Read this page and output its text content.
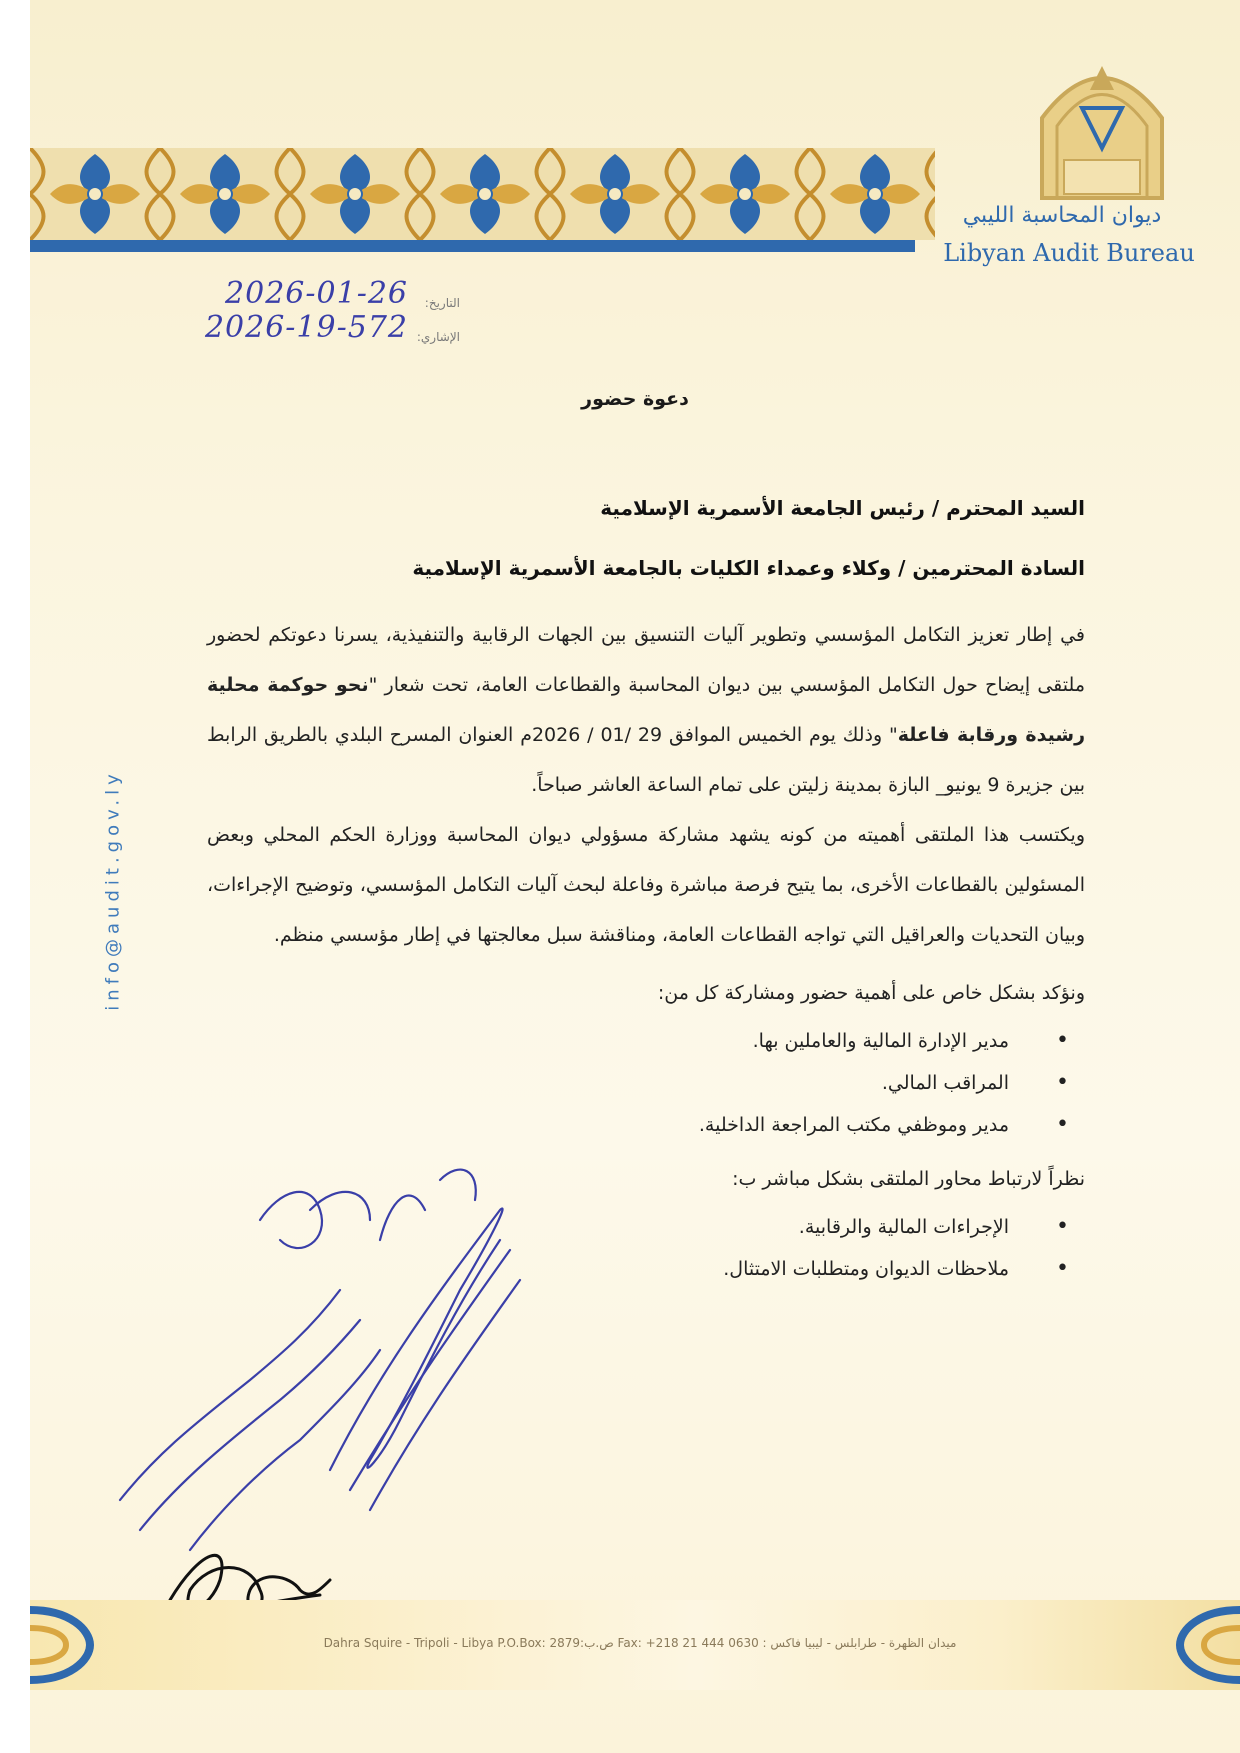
ديوان المحاسبة الليبي
Libyan Audit Bureau
التاريخ:
2026-01-26
الإشاري:
2026-19-572
دعوة حضور
السيد المحترم / رئيس الجامعة الأسمرية الإسلامية
السادة المحترمين / وكلاء وعمداء الكليات بالجامعة الأسمرية الإسلامية

في إطار تعزيز التكامل المؤسسي وتطوير آليات التنسيق بين الجهات الرقابية والتنفيذية، يسرنا دعوتكم لحضور ملتقى إيضاح حول التكامل المؤسسي بين ديوان المحاسبة والقطاعات العامة، تحت شعار "نحو حوكمة محلية رشيدة ورقابة فاعلة" وذلك يوم الخميس الموافق 29 /01 / 2026م العنوان المسرح البلدي بالطريق الرابط بين جزيرة 9 يونيو_ البازة بمدينة زليتن على تمام الساعة العاشر صباحاً.

ويكتسب هذا الملتقى أهميته من كونه يشهد مشاركة مسؤولي ديوان المحاسبة ووزارة الحكم المحلي وبعض المسئولين بالقطاعات الأخرى، بما يتيح فرصة مباشرة وفاعلة لبحث آليات التكامل المؤسسي، وتوضيح الإجراءات، وبيان التحديات والعراقيل التي تواجه القطاعات العامة، ومناقشة سبل معالجتها في إطار مؤسسي منظم.

ونؤكد بشكل خاص على أهمية حضور ومشاركة كل من:
• مدير الإدارة المالية والعاملين بها.
• المراقب المالي.
• مدير وموظفي مكتب المراجعة الداخلية.
نظراً لارتباط محاور الملتقى بشكل مباشر ب:
• الإجراءات المالية والرقابية.
• ملاحظات الديوان ومتطلبات الامتثال.
info@audit.gov.ly
Dahra Squire - Tripoli - Libya P.O.Box: 2879:ص.ب Fax: +218 21 444 0630 : ميدان الظهرة - طرابلس - ليبيا فاكس
